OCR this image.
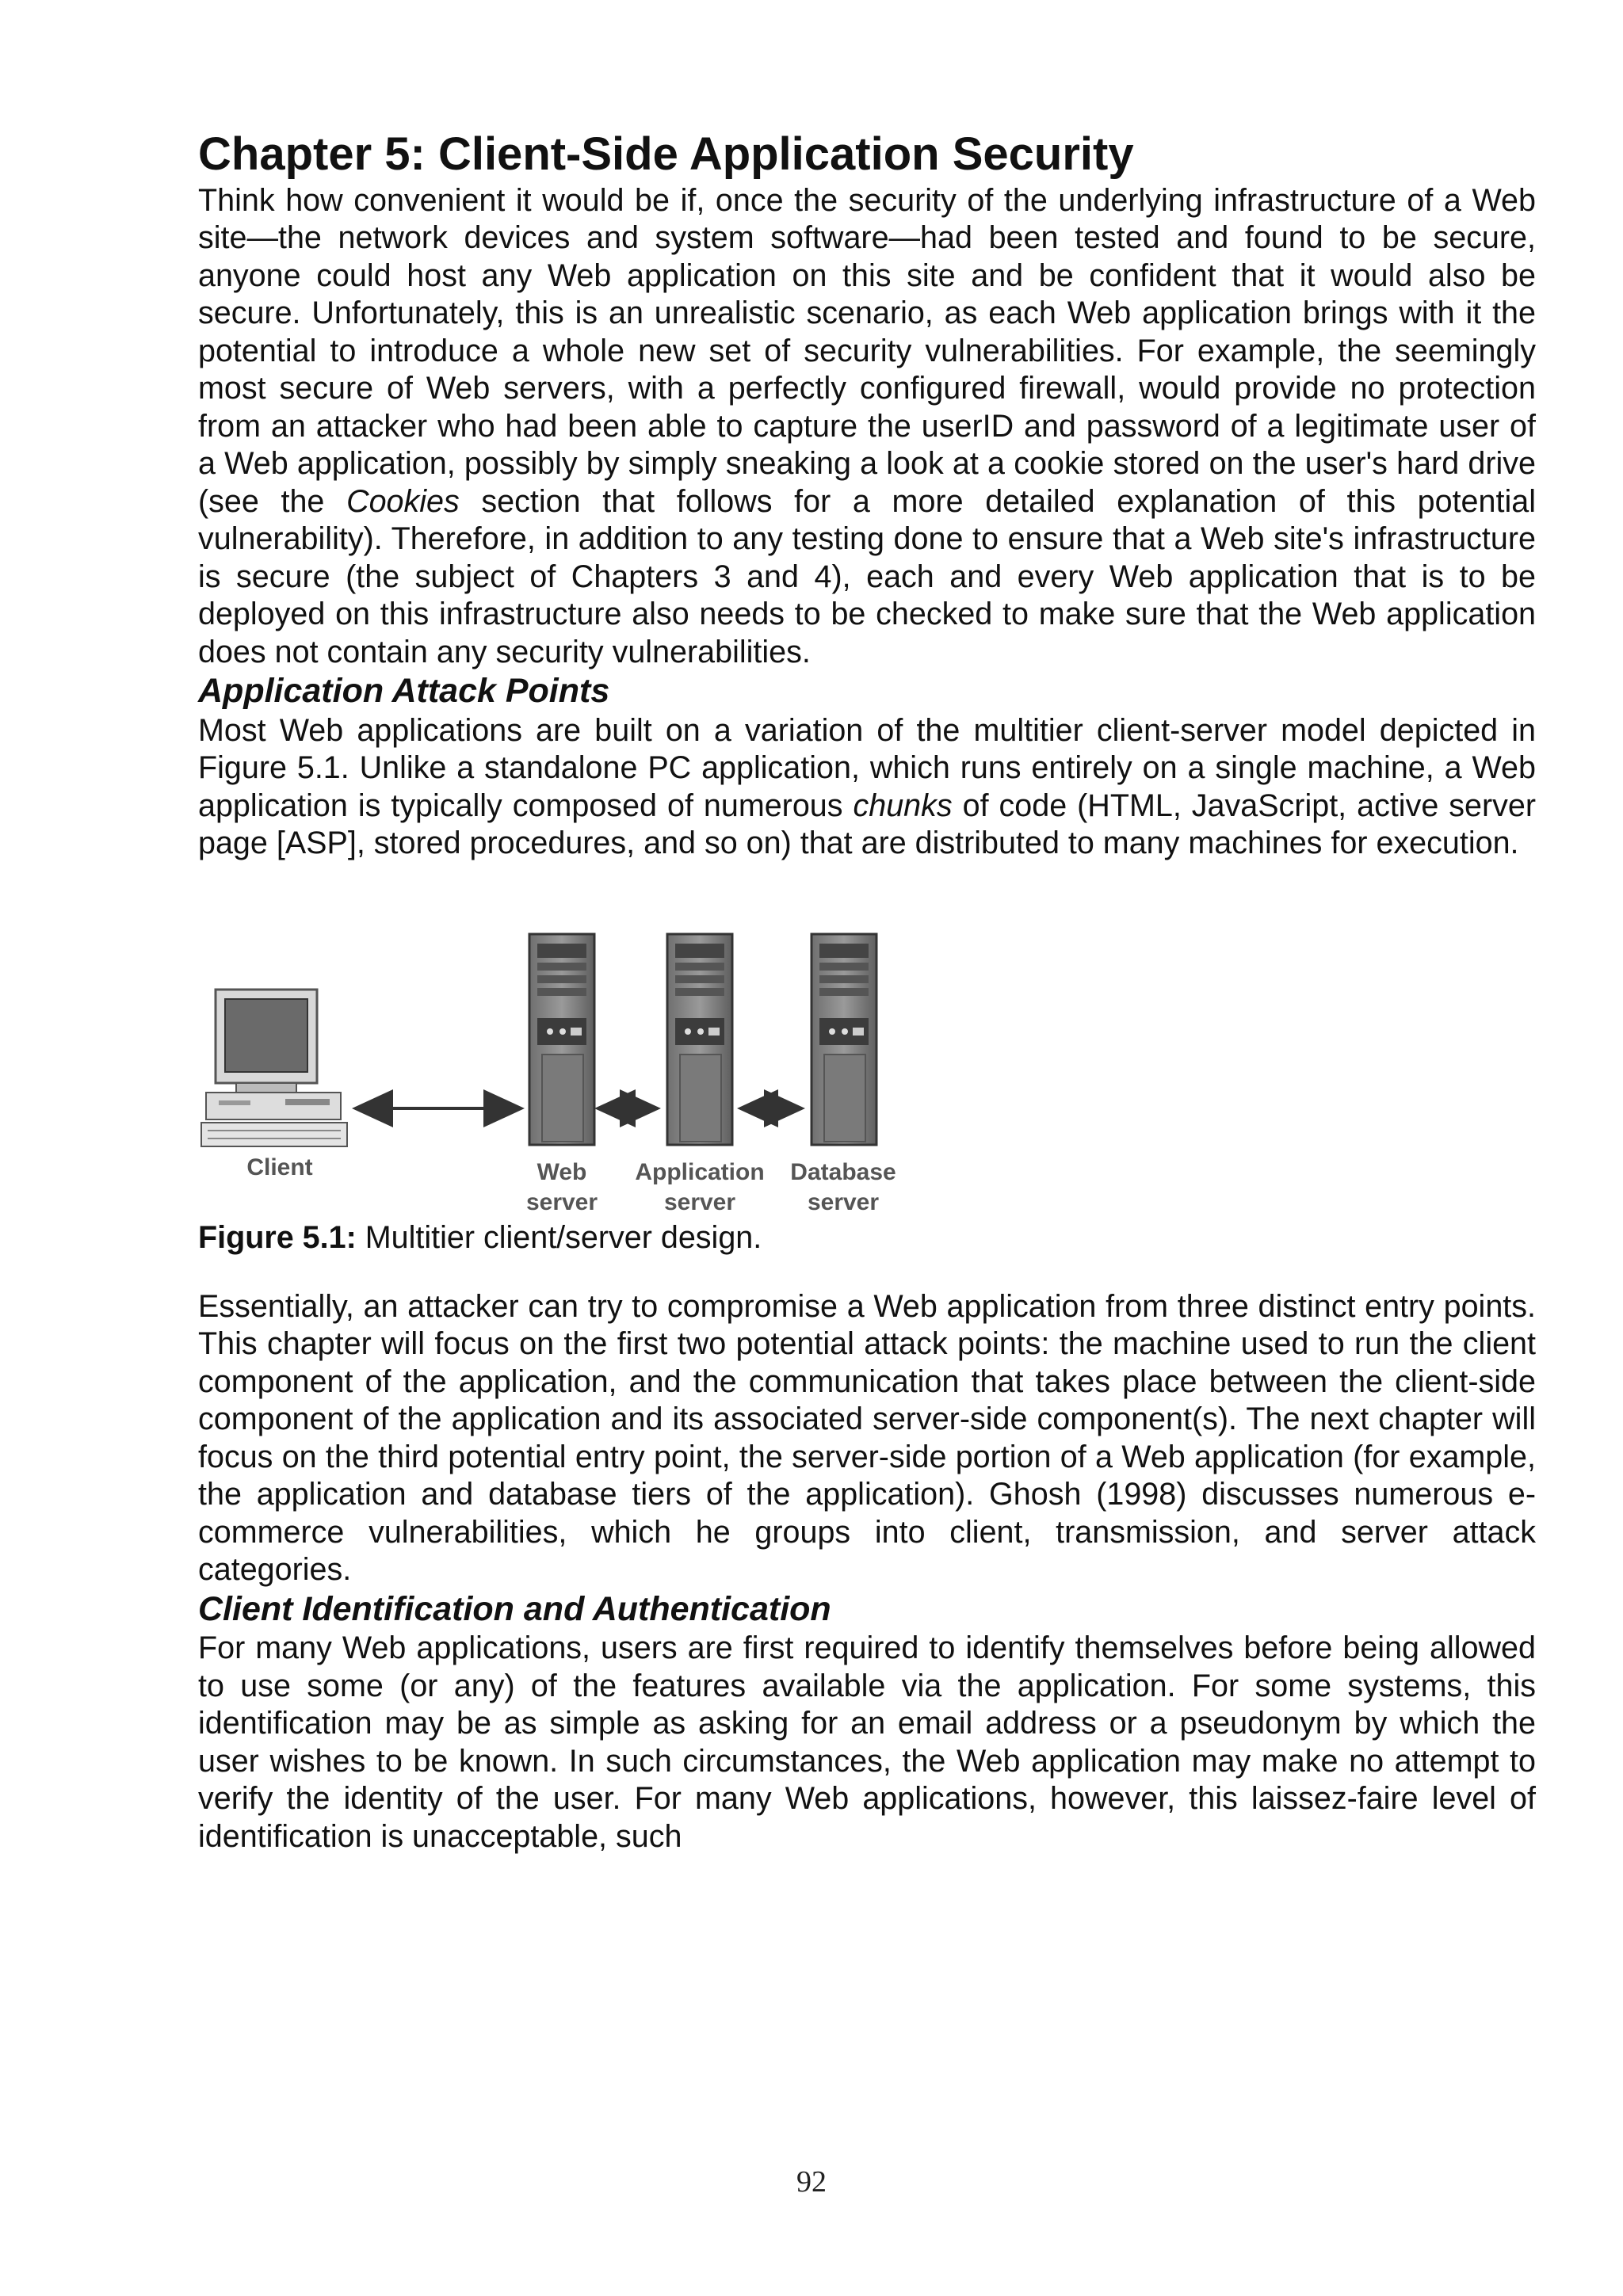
Chapter 5: Client-Side Application Security

Think how convenient it would be if, once the security of the underlying infrastructure of a Web site—the network devices and system software—had been tested and found to be secure, anyone could host any Web application on this site and be confident that it would also be secure. Unfortunately, this is an unrealistic scenario, as each Web application brings with it the potential to introduce a whole new set of security vulnerabilities. For example, the seemingly most secure of Web servers, with a perfectly configured firewall, would provide no protection from an attacker who had been able to capture the userID and password of a legitimate user of a Web application, possibly by simply sneaking a look at a cookie stored on the user's hard drive (see the Cookies section that follows for a more detailed explanation of this potential vulnerability). Therefore, in addition to any testing done to ensure that a Web site's infrastructure is secure (the subject of Chapters 3 and 4), each and every Web application that is to be deployed on this infrastructure also needs to be checked to make sure that the Web application does not contain any security vulnerabilities.

Application Attack Points

Most Web applications are built on a variation of the multitier client-server model depicted in Figure 5.1. Unlike a standalone PC application, which runs entirely on a single machine, a Web application is typically composed of numerous chunks of code (HTML, JavaScript, active server page [ASP], stored procedures, and so on) that are distributed to many machines for execution.

Client	Web
server
Application
server
Database
server

Figure 5.1: Multitier client/server design.

Essentially, an attacker can try to compromise a Web application from three distinct entry points. This chapter will focus on the first two potential attack points: the machine used to run the client component of the application, and the communication that takes place between the client-side component of the application and its associated server-side component(s). The next chapter will focus on the third potential entry point, the server-side portion of a Web application (for example, the application and database tiers of the application). Ghosh (1998) discusses numerous e-commerce vulnerabilities, which he groups into client, transmission, and server attack categories.

Client Identification and Authentication

For many Web applications, users are first required to identify themselves before being allowed to use some (or any) of the features available via the application. For some systems, this identification may be as simple as asking for an email address or a pseudonym by which the user wishes to be known. In such circumstances, the Web application may make no attempt to verify the identity of the user. For many Web applications, however, this laissez-faire level of identification is unacceptable, such

92
